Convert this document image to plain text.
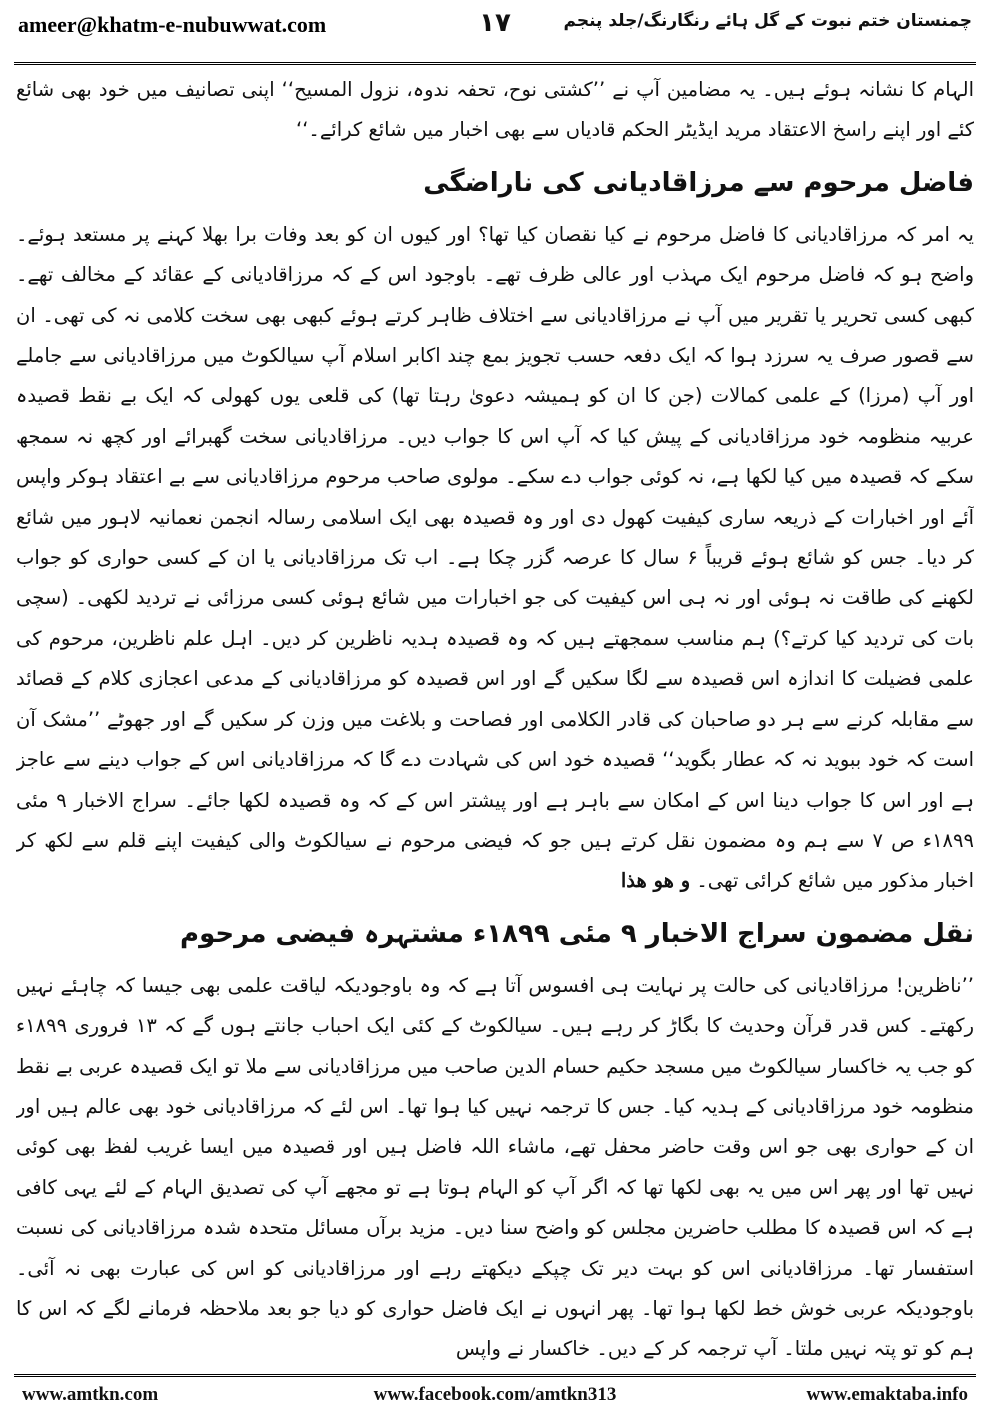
ameer@khatm-e-nubuwwat.com	۱۷	چمنستان ختم نبوت کے گل ہائے رنگارنگ/جلد پنجم

الہام کا نشانہ ہوئے ہیں۔ یہ مضامین آپ نے ’’کشتی نوح، تحفہ ندوہ، نزول المسیح‘‘ اپنی تصانیف میں خود بھی شائع کئے اور اپنے راسخ الاعتقاد مرید ایڈیٹر الحکم قادیاں سے بھی اخبار میں شائع کرائے۔‘‘

فاضل مرحوم سے مرزاقادیانی کی ناراضگی

یہ امر کہ مرزاقادیانی کا فاضل مرحوم نے کیا نقصان کیا تھا؟ اور کیوں ان کو بعد وفات برا بھلا کہنے پر مستعد ہوئے۔ واضح ہو کہ فاضل مرحوم ایک مہذب اور عالی ظرف تھے۔ باوجود اس کے کہ مرزاقادیانی کے عقائد کے مخالف تھے۔ کبھی کسی تحریر یا تقریر میں آپ نے مرزاقادیانی سے اختلاف ظاہر کرتے ہوئے کبھی بھی سخت کلامی نہ کی تھی۔ ان سے قصور صرف یہ سرزد ہوا کہ ایک دفعہ حسب تجویز بمع چند اکابر اسلام آپ سیالکوٹ میں مرزاقادیانی سے جاملے اور آپ (مرزا) کے علمی کمالات (جن کا ان کو ہمیشہ دعویٰ رہتا تھا) کی قلعی یوں کھولی کہ ایک بے نقط قصیدہ عربیہ منظومہ خود مرزاقادیانی کے پیش کیا کہ آپ اس کا جواب دیں۔ مرزاقادیانی سخت گھبرائے اور کچھ نہ سمجھ سکے کہ قصیدہ میں کیا لکھا ہے، نہ کوئی جواب دے سکے۔ مولوی صاحب مرحوم مرزاقادیانی سے بے اعتقاد ہوکر واپس آئے اور اخبارات کے ذریعہ ساری کیفیت کھول دی اور وہ قصیدہ بھی ایک اسلامی رسالہ انجمن نعمانیہ لاہور میں شائع کر دیا۔ جس کو شائع ہوئے قریباً ۶ سال کا عرصہ گزر چکا ہے۔ اب تک مرزاقادیانی یا ان کے کسی حواری کو جواب لکھنے کی طاقت نہ ہوئی اور نہ ہی اس کیفیت کی جو اخبارات میں شائع ہوئی کسی مرزائی نے تردید لکھی۔ (سچی بات کی تردید کیا کرتے؟) ہم مناسب سمجھتے ہیں کہ وہ قصیدہ ہدیہ ناظرین کر دیں۔ اہل علم ناظرین، مرحوم کی علمی فضیلت کا اندازہ اس قصیدہ سے لگا سکیں گے اور اس قصیدہ کو مرزاقادیانی کے مدعی اعجازی کلام کے قصائد سے مقابلہ کرنے سے ہر دو صاحبان کی قادر الکلامی اور فصاحت و بلاغت میں وزن کر سکیں گے اور جھوٹے ’’مشک آن است کہ خود ببوید نہ کہ عطار بگوید‘‘ قصیدہ خود اس کی شہادت دے گا کہ مرزاقادیانی اس کے جواب دینے سے عاجز ہے اور اس کا جواب دینا اس کے امکان سے باہر ہے اور پیشتر اس کے کہ وہ قصیدہ لکھا جائے۔ سراج الاخبار ۹ مئی ۱۸۹۹ء ص ۷ سے ہم وہ مضمون نقل کرتے ہیں جو کہ فیضی مرحوم نے سیالکوٹ والی کیفیت اپنے قلم سے لکھ کر اخبار مذکور میں شائع کرائی تھی۔ و هو هذا

نقل مضمون سراج الاخبار ۹ مئی ۱۸۹۹ء مشتہرہ فیضی مرحوم

’’ناظرین! مرزاقادیانی کی حالت پر نہایت ہی افسوس آتا ہے کہ وہ باوجودیکہ لیاقت علمی بھی جیسا کہ چاہئے نہیں رکھتے۔ کس قدر قرآن وحدیث کا بگاڑ کر رہے ہیں۔ سیالکوٹ کے کئی ایک احباب جانتے ہوں گے کہ ۱۳ فروری ۱۸۹۹ء کو جب یہ خاکسار سیالکوٹ میں مسجد حکیم حسام الدین صاحب میں مرزاقادیانی سے ملا تو ایک قصیدہ عربی بے نقط منظومہ خود مرزاقادیانی کے ہدیہ کیا۔ جس کا ترجمہ نہیں کیا ہوا تھا۔ اس لئے کہ مرزاقادیانی خود بھی عالم ہیں اور ان کے حواری بھی جو اس وقت حاضر محفل تھے، ماشاء اللہ فاضل ہیں اور قصیدہ میں ایسا غریب لفظ بھی کوئی نہیں تھا اور پھر اس میں یہ بھی لکھا تھا کہ اگر آپ کو الہام ہوتا ہے تو مجھے آپ کی تصدیق الہام کے لئے یہی کافی ہے کہ اس قصیدہ کا مطلب حاضرین مجلس کو واضح سنا دیں۔ مزید برآں مسائل متحدہ شدہ مرزاقادیانی کی نسبت استفسار تھا۔ مرزاقادیانی اس کو بہت دیر تک چپکے دیکھتے رہے اور مرزاقادیانی کو اس کی عبارت بھی نہ آئی۔ باوجودیکہ عربی خوش خط لکھا ہوا تھا۔ پھر انہوں نے ایک فاضل حواری کو دیا جو بعد ملاحظہ فرمانے لگے کہ اس کا ہم کو تو پتہ نہیں ملتا۔ آپ ترجمہ کر کے دیں۔ خاکسار نے واپس

www.amtkn.com	www.facebook.com/amtkn313	www.emaktaba.info
